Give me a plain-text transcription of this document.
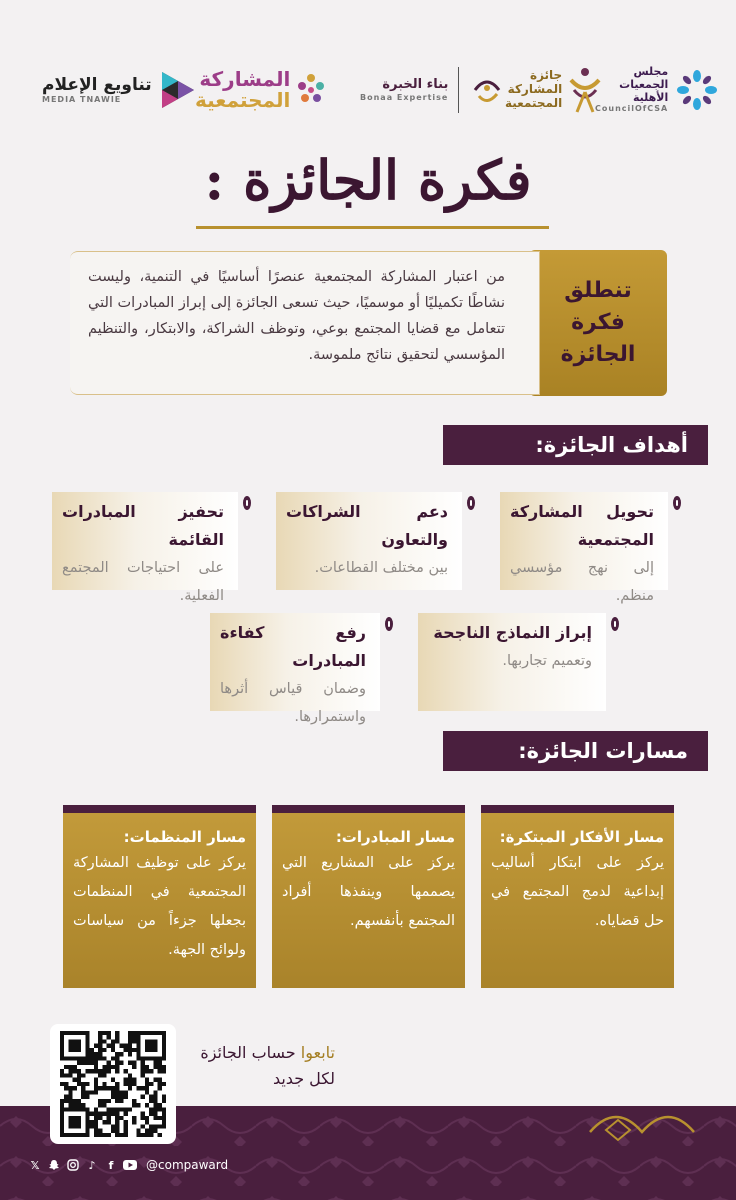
مجلس
الجمعيات
الأهلية
CouncilOfCSA
جائزة
المشاركة
المجتمعية
بناء الخبرة
Bonaa Expertise
المشاركة
المجتمعية
تناويع الإعلام
MEDIA TNAWIE
فكرة الجائزة :
تنطلق
فكرة
الجائزة

من اعتبار المشاركة المجتمعية عنصرًا أساسيًا في التنمية، وليست نشاطًا تكميليًا أو موسميًا، حيث تسعى الجائزة إلى إبراز المبادرات التي تتعامل مع قضايا المجتمع بوعي، وتوظف الشراكة، والابتكار، والتنظيم المؤسسي لتحقيق نتائج ملموسة.

أهداف الجائزة:
تحويل المشاركة المجتمعية
إلى نهج مؤسسي منظم.
دعم الشراكات والتعاون
بين مختلف القطاعات.
تحفيز المبادرات القائمة
على احتياجات المجتمع الفعلية.
إبراز النماذج الناجحة
وتعميم تجاربها.
رفع كفاءة المبادرات
وضمان قياس أثرها واستمرارها.
مسارات الجائزة:
مسار الأفكار المبتكرة:
يركز على ابتكار أساليب إبداعية لدمج المجتمع في حل قضاياه.
مسار المبادرات:
يركز على المشاريع التي يصممها وينفذها أفراد المجتمع بأنفسهم.
مسار المنظمات:
يركز على توظيف المشاركة المجتمعية في المنظمات بجعلها جزءاً من سياسات ولوائح الجهة.
تابعوا حساب الجائزة
لكل جديد
𝕏	♪	f	@compaward
